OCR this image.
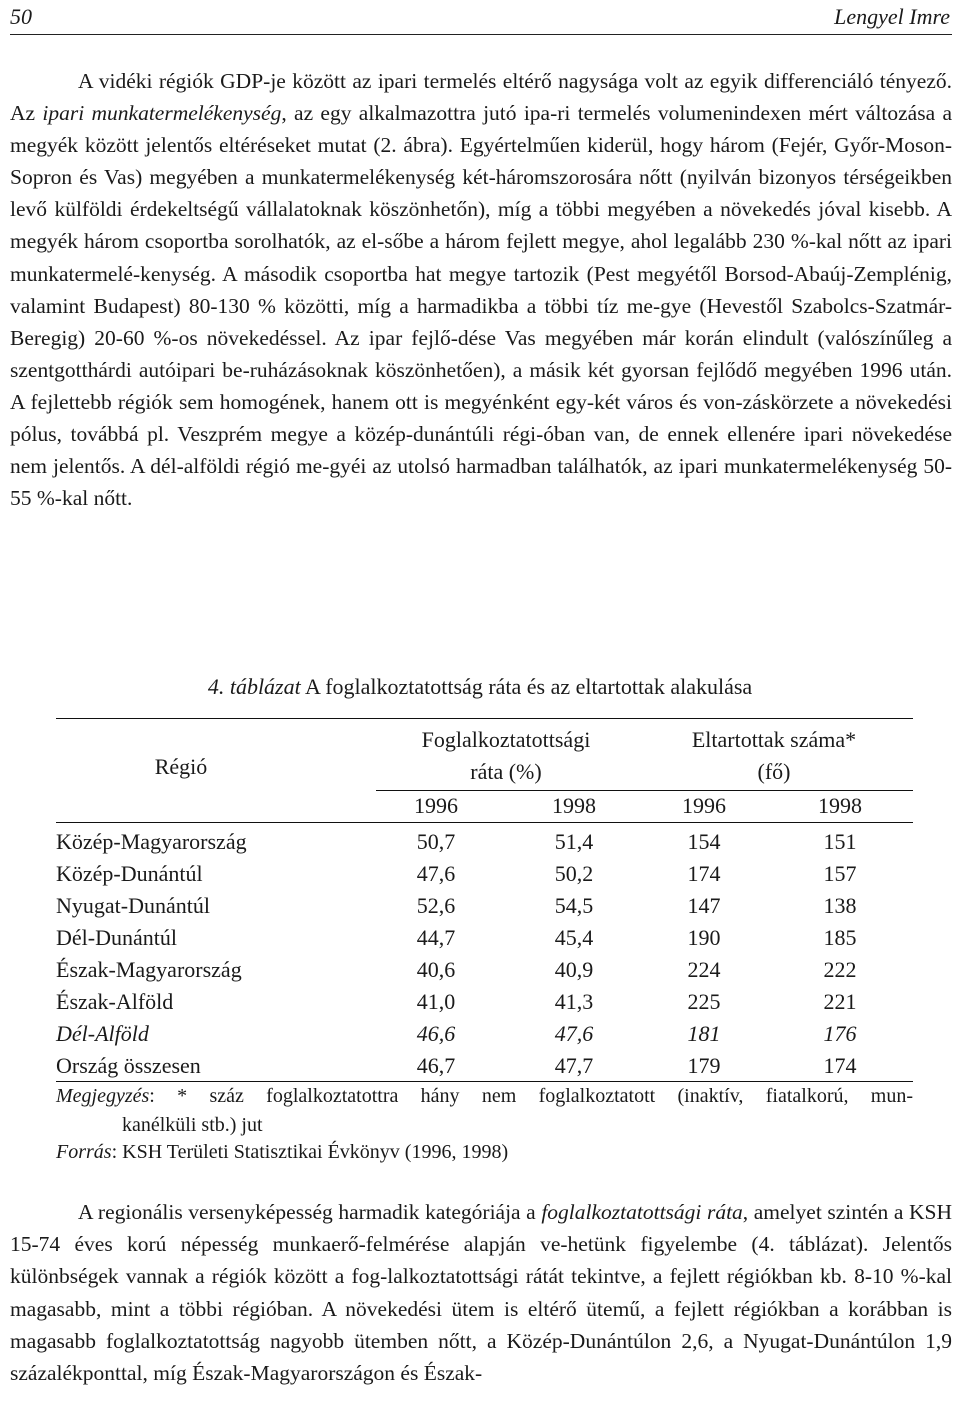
50	Lengyel Imre

A vidéki régiók GDP-je között az ipari termelés eltérő nagysága volt az egyik differenciáló tényező. Az ipari munkatermelékenység, az egy alkalmazottra jutó ipa-ri termelés volumenindexen mért változása a megyék között jelentős eltéréseket mutat (2. ábra). Egyértelműen kiderül, hogy három (Fejér, Győr-Moson-Sopron és Vas) megyében a munkatermelékenység két-háromszorosára nőtt (nyilván bizonyos térségeikben levő külföldi érdekeltségű vállalatoknak köszönhetőn), míg a többi megyében a növekedés jóval kisebb. A megyék három csoportba sorolhatók, az el-sőbe a három fejlett megye, ahol legalább 230 %-kal nőtt az ipari munkatermelé-kenység. A második csoportba hat megye tartozik (Pest megyétől Borsod-Abaúj-Zemplénig, valamint Budapest) 80-130 % közötti, míg a harmadikba a többi tíz me-gye (Hevestől Szabolcs-Szatmár-Beregig) 20-60 %-os növekedéssel. Az ipar fejlő-dése Vas megyében már korán elindult (valószínűleg a szentgotthárdi autóipari be-ruházásoknak köszönhetően), a másik két gyorsan fejlődő megyében 1996 után. A fejlettebb régiók sem homogének, hanem ott is megyénként egy-két város és von-záskörzete a növekedési pólus, továbbá pl. Veszprém megye a közép-dunántúli régi-óban van, de ennek ellenére ipari növekedése nem jelentős. A dél-alföldi régió me-gyéi az utolsó harmadban találhatók, az ipari munkatermelékenység 50-55 %-kal nőtt.

4. táblázat A foglalkoztatottság ráta és az eltartottak alakulása
Régió
Foglalkoztatottsági
ráta (%)
Eltartottak száma*
(fő)
1996	1998	1996	1998
Közép-Magyarország	50,7	51,4	154	151
Közép-Dunántúl	47,6	50,2	174	157
Nyugat-Dunántúl	52,6	54,5	147	138
Dél-Dunántúl	44,7	45,4	190	185
Észak-Magyarország	40,6	40,9	224	222
Észak-Alföld	41,0	41,3	225	221
Dél-Alföld	46,6	47,6	181	176
Ország összesen	46,7	47,7	179	174
Megjegyzés: * száz foglalkoztatottra hány nem foglalkoztatott (inaktív, fiatalkorú, mun-
kanélküli stb.) jut
Forrás: KSH Területi Statisztikai Évkönyv (1996, 1998)

A regionális versenyképesség harmadik kategóriája a foglalkoztatottsági ráta, amelyet szintén a KSH 15-74 éves korú népesség munkaerő-felmérése alapján ve-hetünk figyelembe (4. táblázat). Jelentős különbségek vannak a régiók között a fog-lalkoztatottsági rátát tekintve, a fejlett régiókban kb. 8-10 %-kal magasabb, mint a többi régióban. A növekedési ütem is eltérő ütemű, a fejlett régiókban a korábban is magasabb foglalkoztatottság nagyobb ütemben nőtt, a Közép-Dunántúlon 2,6, a Nyugat-Dunántúlon 1,9 százalékponttal, míg Észak-Magyarországon és Észak-
